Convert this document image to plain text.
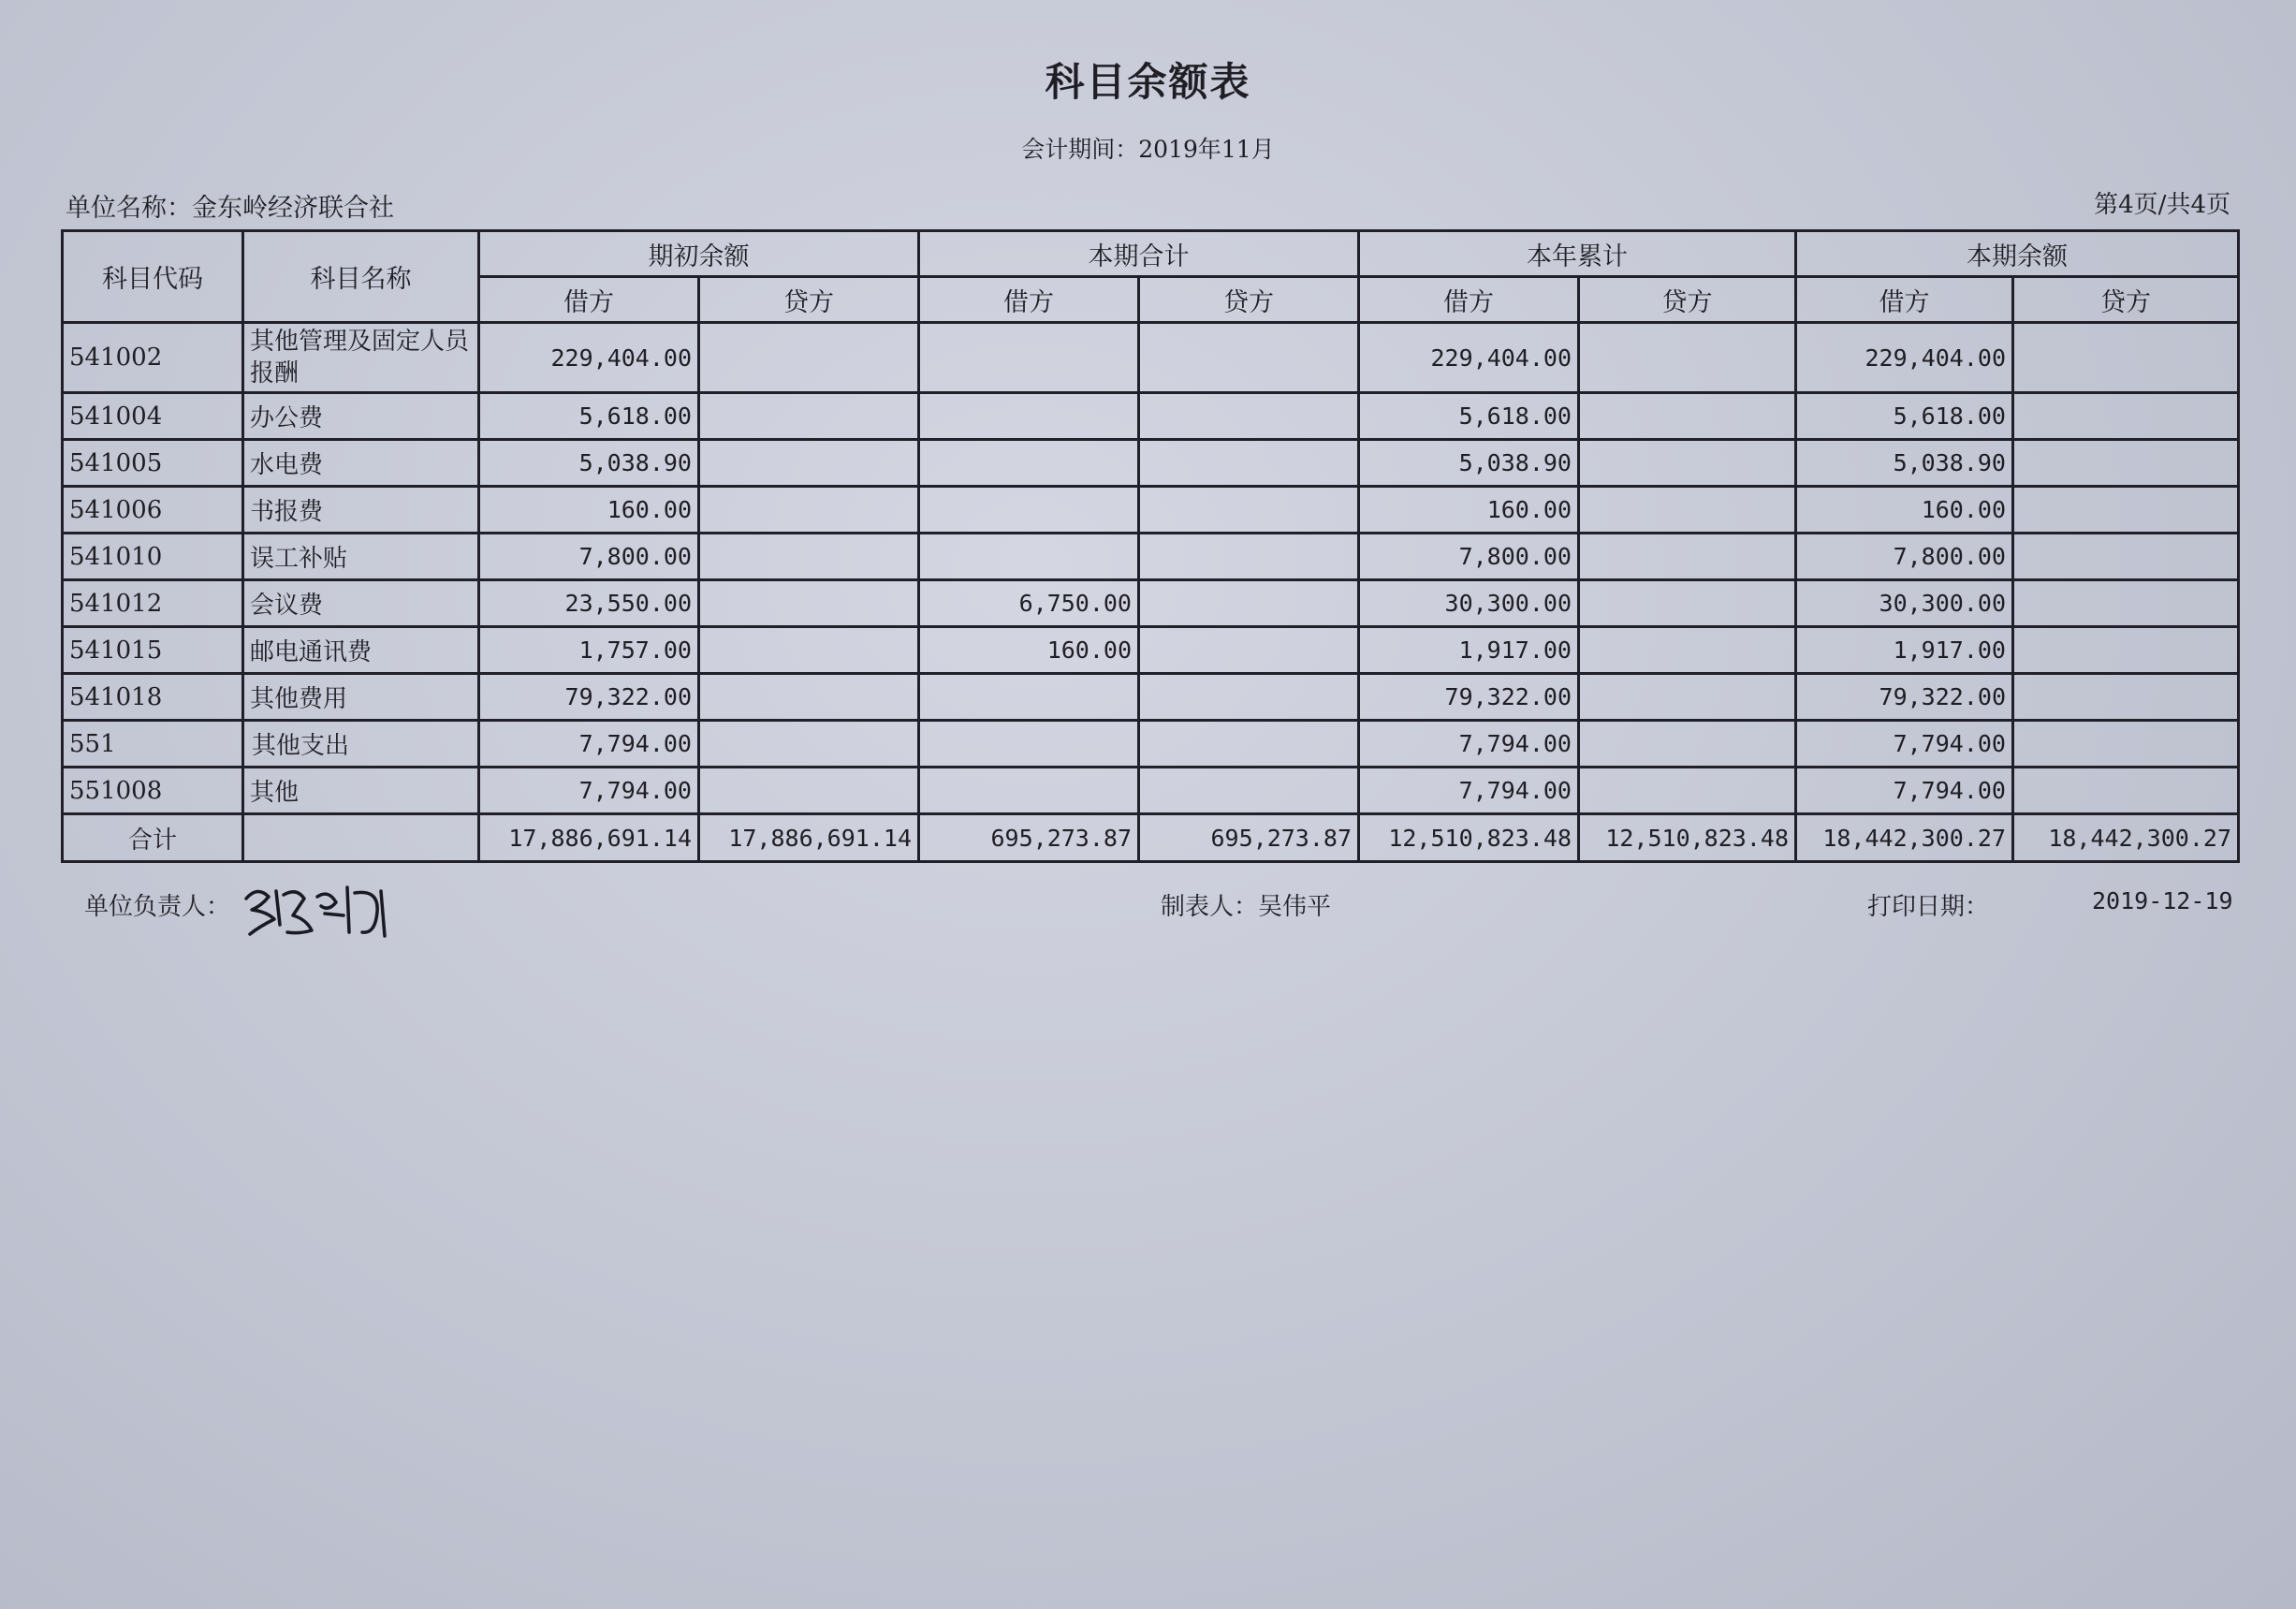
科目余额表
会计期间：2019年11月
单位名称：金东岭经济联合社	第4页/共4页
科目代码	科目名称	期初余额		本期合计		本年累计		本期余额	
		借方	贷方	借方	贷方	借方	贷方	借方	贷方
541002	其他管理及固定人员报酬	229,404.00				229,404.00		229,404.00	
541004	办公费	5,618.00				5,618.00		5,618.00	
541005	水电费	5,038.90				5,038.90		5,038.90	
541006	书报费	160.00				160.00		160.00	
541010	误工补贴	7,800.00				7,800.00		7,800.00	
541012	会议费	23,550.00		6,750.00		30,300.00		30,300.00	
541015	邮电通讯费	1,757.00		160.00		1,917.00		1,917.00	
541018	其他费用	79,322.00				79,322.00		79,322.00	
551	其他支出	7,794.00				7,794.00		7,794.00	
551008	其他	7,794.00				7,794.00		7,794.00	
合计		17,886,691.14	17,886,691.14	695,273.87	695,273.87	12,510,823.48	12,510,823.48	18,442,300.27	18,442,300.27
单位负责人：	制表人：吴伟平	打印日期：	2019-12-19
